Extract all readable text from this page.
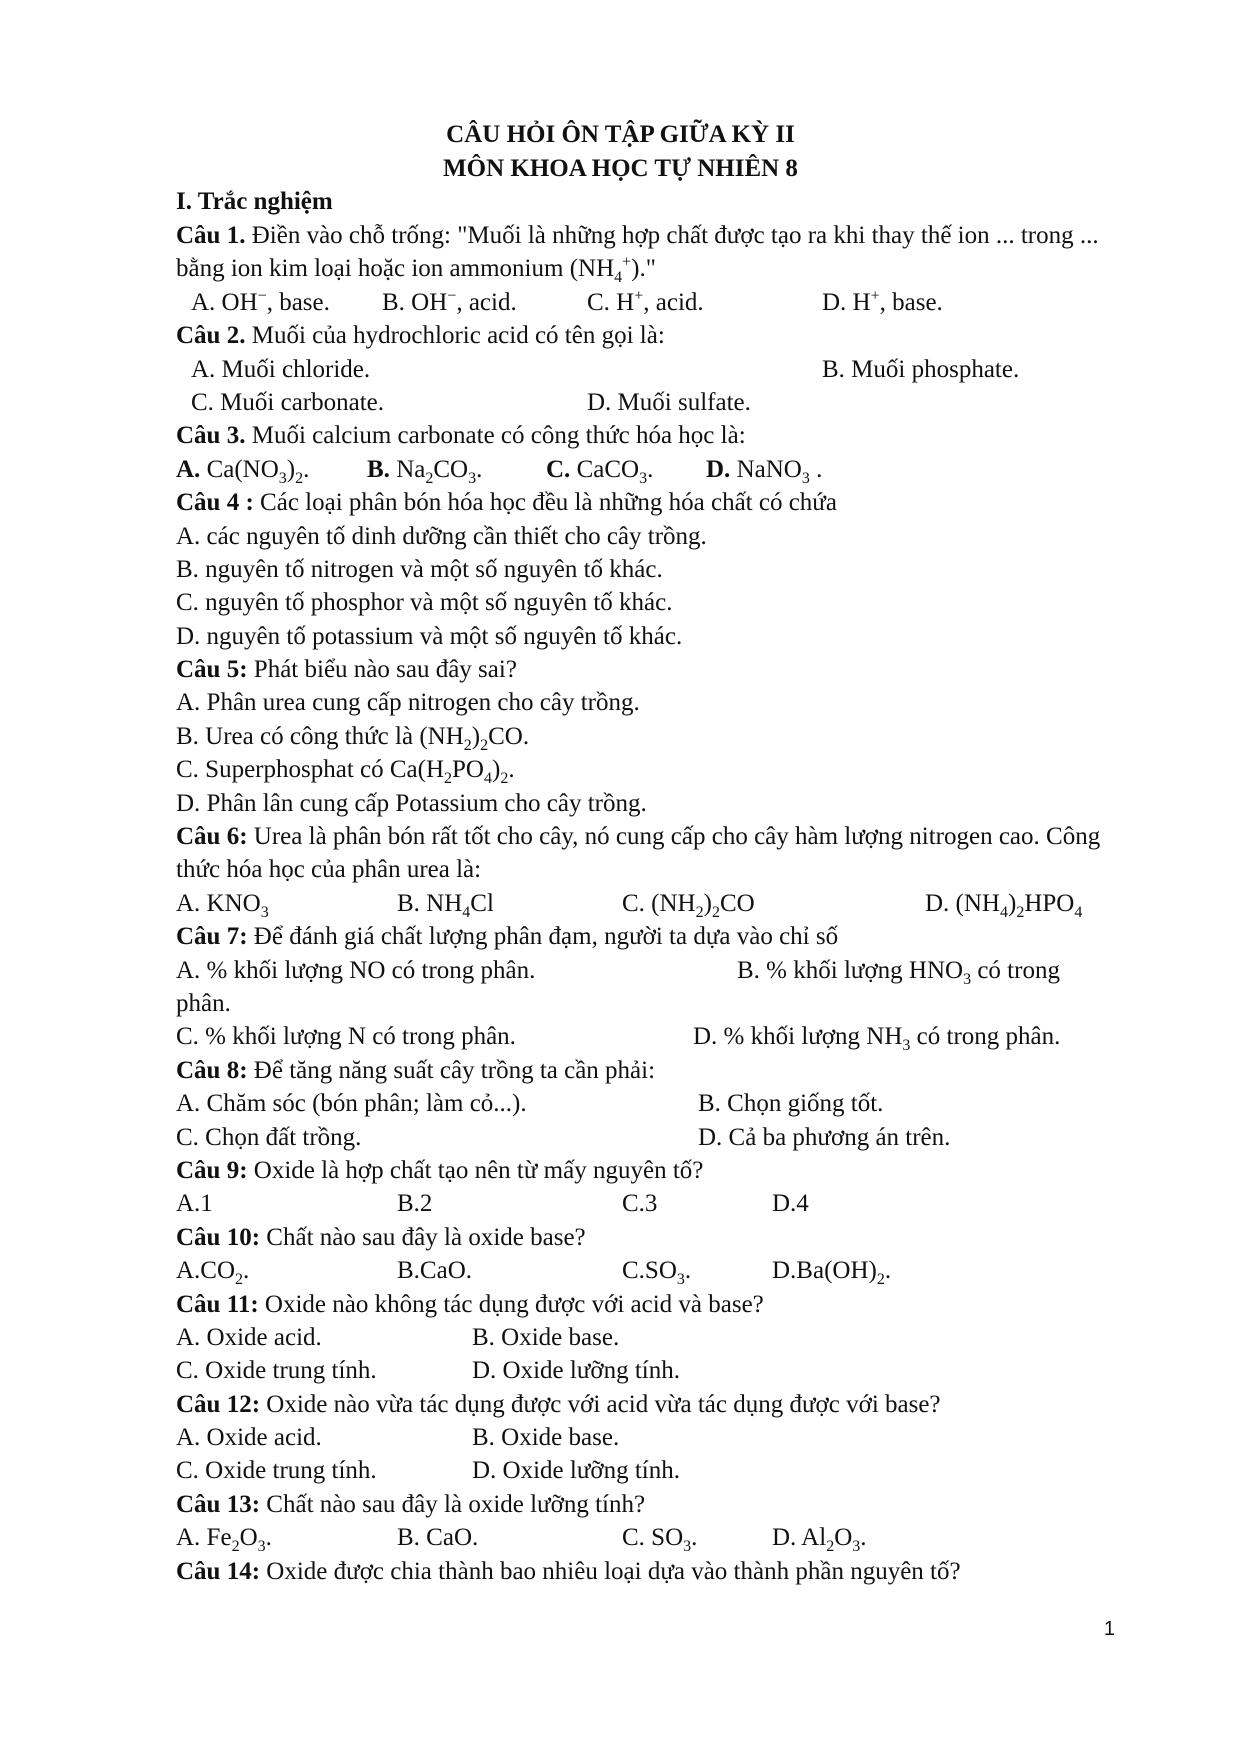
CÂU HỎI ÔN TẬP GIỮA KỲ II
MÔN KHOA HỌC TỰ NHIÊN 8
I. Trắc nghiệm
Câu 1. Điền vào chỗ trống: "Muối là những hợp chất được tạo ra khi thay thế ion ... trong ... bằng ion kim loại hoặc ion ammonium $(NH_4^+)$."
A. OH−, base. B. OH−, acid.	C. H+, acid.	D. H+, base.
Câu 2. Muối của hydrochloric acid có tên gọi là:
A. Muối chloride.	B. Muối phosphate.
C. Muối carbonate.	D. Muối sulfate.
Câu 3. Muối calcium carbonate có công thức hóa học là:
A. $Ca(NO_3)_2$. B. $Na_2CO_3$.	C. CaCO$_3$. D. NaNO$_3$ .
Câu 4 : Các loại phân bón hóa học đều là những hóa chất có chứa
A. các nguyên tố dinh dưỡng cần thiết cho cây trồng.
B. nguyên tố nitrogen và một số nguyên tố khác.
C. nguyên tố phosphor và một số nguyên tố khác.
D. nguyên tố potassium và một số nguyên tố khác.
Câu 5: Phát biểu nào sau đây sai?
A. Phân urea cung cấp nitrogen cho cây trồng.
B. Urea có công thức là $(NH_2)_2CO$.
C. Superphosphat có $Ca(H_2PO_4)_2$.
D. Phân lân cung cấp Potassium cho cây trồng.
Câu 6: Urea là phân bón rất tốt cho cây, nó cung cấp cho cây hàm lượng nitrogen cao. Công thức hóa học của phân urea là:
A. $KNO_3$	B. $NH_4Cl$	C. $(NH_2)_2CO$	D. $(NH_4)_2HPO_4$
Câu 7: Để đánh giá chất lượng phân đạm, người ta dựa vào chỉ số
A. % khối lượng NO có trong phân.	B. % khối lượng $HNO_3$ có trong
phân.
C. % khối lượng N có trong phân.	D. % khối lượng $NH_3$ có trong phân.
Câu 8: Để tăng năng suất cây trồng ta cần phải:
A. Chăm sóc (bón phân; làm cỏ...).	B. Chọn giống tốt.
C. Chọn đất trồng.	D. Cả ba phương án trên.
Câu 9: Oxide là hợp chất tạo nên từ mấy nguyên tố?
A.1	B.2	C.3	D.4
Câu 10: Chất nào sau đây là oxide base?
$A.CO_2$.	B.CaO.	$C.SO_3$.	$D.Ba(OH)_2$.
Câu 11: Oxide nào không tác dụng được với acid và base?
A. Oxide acid.	B. Oxide base.
C. Oxide trung tính.	D. Oxide lưỡng tính.
Câu 12: Oxide nào vừa tác dụng được với acid vừa tác dụng được với base?
A. Oxide acid.	B. Oxide base.
C. Oxide trung tính.	D. Oxide lưỡng tính.
Câu 13: Chất nào sau đây là oxide lưỡng tính?
A. $Fe_2O_3$.	B. CaO.	C. $SO_3$.	D. $Al_2O_3$.
Câu 14: Oxide được chia thành bao nhiêu loại dựa vào thành phần nguyên tố?
1
